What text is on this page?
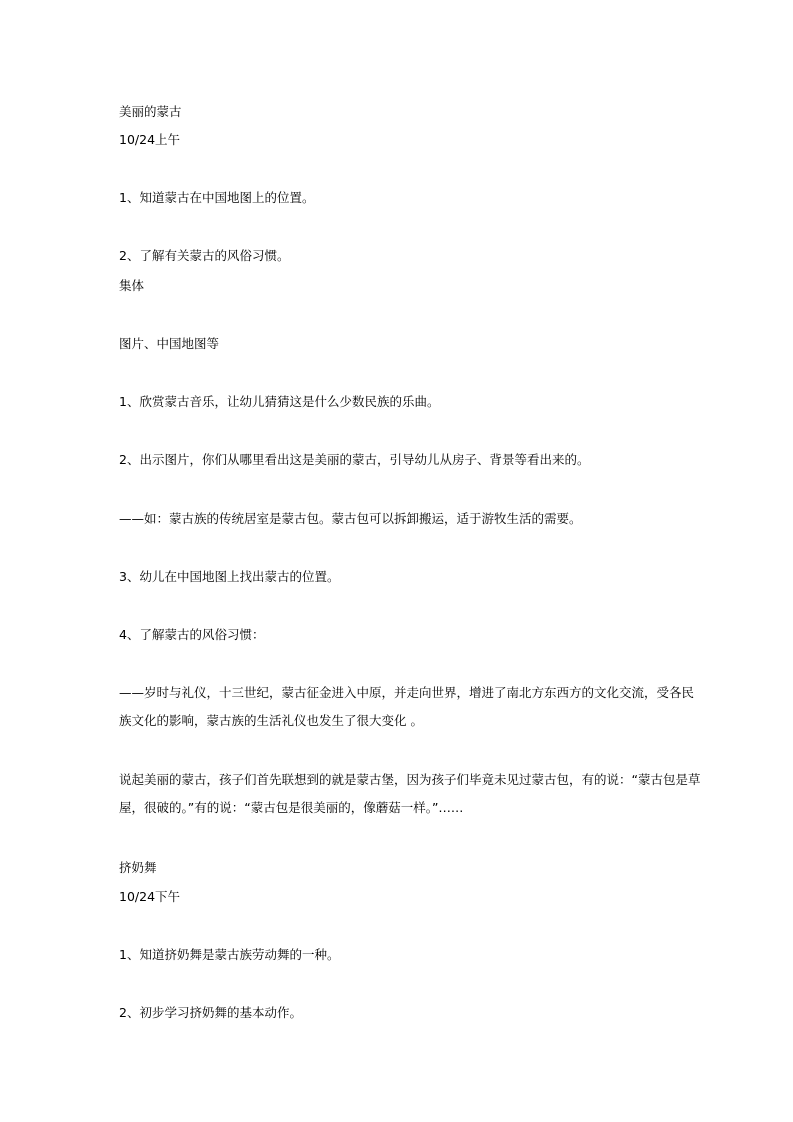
美丽的蒙古
10/24上午
1、知道蒙古在中国地图上的位置。
2、了解有关蒙古的风俗习惯。
集体
图片、中国地图等
1、欣赏蒙古音乐，让幼儿猜猜这是什么少数民族的乐曲。
2、出示图片，你们从哪里看出这是美丽的蒙古，引导幼儿从房子、背景等看出来的。
——如：蒙古族的传统居室是蒙古包。蒙古包可以拆卸搬运，适于游牧生活的需要。
3、幼儿在中国地图上找出蒙古的位置。
4、了解蒙古的风俗习惯：
——岁时与礼仪，十三世纪，蒙古征金进入中原，并走向世界，增进了南北方东西方的文化交流，受各民
族文化的影响，蒙古族的生活礼仪也发生了很大变化 。
说起美丽的蒙古，孩子们首先联想到的就是蒙古堡，因为孩子们毕竟未见过蒙古包，有的说：“蒙古包是草
屋，很破的。”有的说：“蒙古包是很美丽的，像蘑菇一样。”……
挤奶舞
10/24下午
1、知道挤奶舞是蒙古族劳动舞的一种。
2、初步学习挤奶舞的基本动作。
